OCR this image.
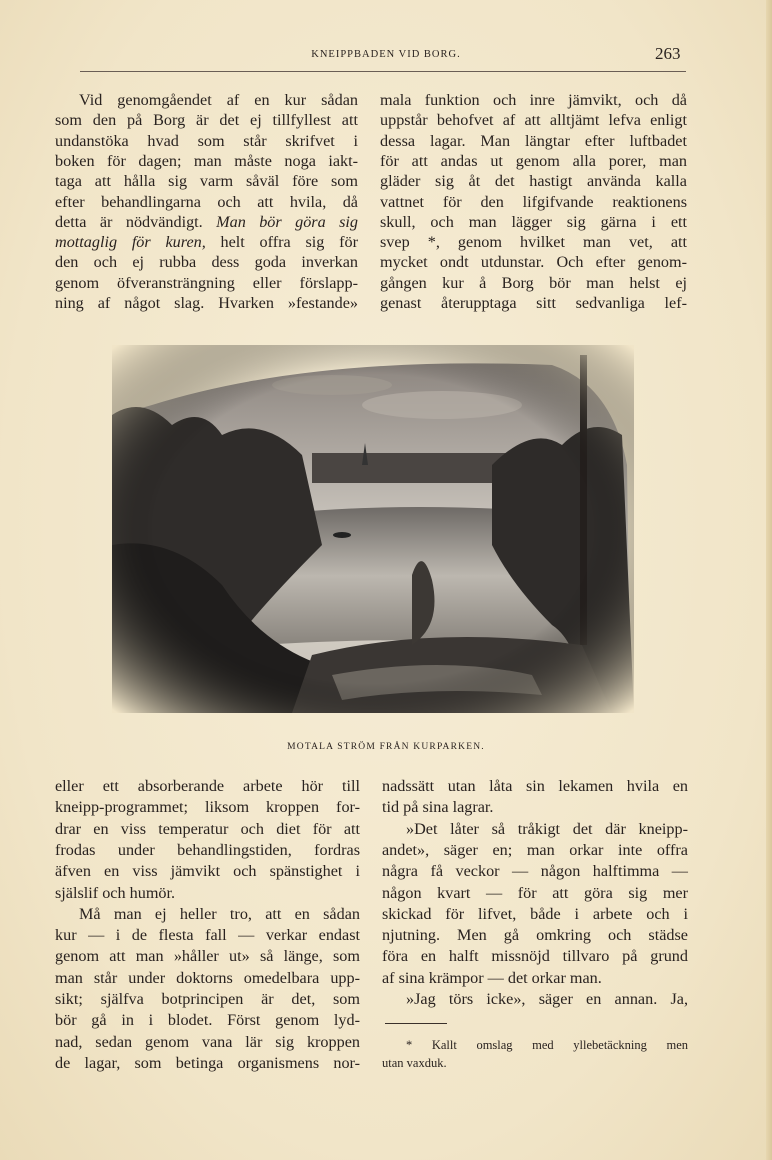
KNEIPPBADEN VID BORG.	263
Vid genomgåendet af en kur sådan
som den på Borg är det ej tillfyllest att
undanstöka hvad som står skrifvet i
boken för dagen; man måste noga iakt-
taga att hålla sig varm såväl före som
efter behandlingarna och att hvila, då
detta är nödvändigt. Man bör göra sig
mottaglig för kuren, helt offra sig för
den och ej rubba dess goda inverkan
genom öfveransträngning eller förslapp-
ning af något slag. Hvarken »festande»
mala funktion och inre jämvikt, och då
uppstår behofvet af att alltjämt lefva enligt
dessa lagar. Man längtar efter luftbadet
för att andas ut genom alla porer, man
gläder sig åt det hastigt använda kalla
vattnet för den lifgifvande reaktionens
skull, och man lägger sig gärna i ett
svep *, genom hvilket man vet, att
mycket ondt utdunstar. Och efter genom-
gången kur å Borg bör man helst ej
genast återupptaga sitt sedvanliga lef-
MOTALA STRÖM FRÅN KURPARKEN.
eller ett absorberande arbete hör till
kneipp-programmet; liksom kroppen for-
drar en viss temperatur och diet för att
frodas under behandlingstiden, fordras
äfven en viss jämvikt och spänstighet i
själslif och humör.
Må man ej heller tro, att en sådan
kur — i de flesta fall — verkar endast
genom att man »håller ut» så länge, som
man står under doktorns omedelbara upp-
sikt; själfva botprincipen är det, som
bör gå in i blodet. Först genom lyd-
nad, sedan genom vana lär sig kroppen
de lagar, som betinga organismens nor-
nadssätt utan låta sin lekamen hvila en
tid på sina lagrar.
»Det låter så tråkigt det där kneipp-
andet», säger en; man orkar inte offra
några få veckor — någon halftimma —
någon kvart — för att göra sig mer
skickad för lifvet, både i arbete och i
njutning. Men gå omkring och städse
föra en halft missnöjd tillvaro på grund
af sina krämpor — det orkar man.
»Jag törs icke», säger en annan. Ja,
* Kallt omslag med yllebetäckning men
utan vaxduk.
